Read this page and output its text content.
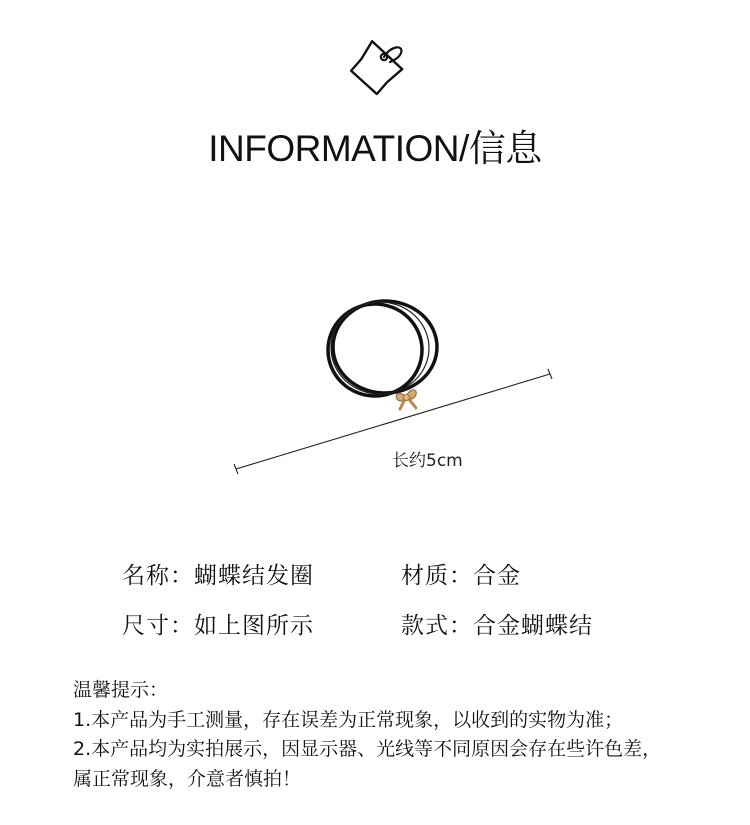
INFORMATION/信息
长约5cm
名称： 蝴蝶结发圈	材质： 合金
尺寸： 如上图所示	款式： 合金蝴蝶结
温馨提示：
1.本产品为手工测量，存在误差为正常现象，以收到的实物为准；
2.本产品均为实拍展示，因显示器、光线等不同原因会存在些许色差，
属正常现象，介意者慎拍！
